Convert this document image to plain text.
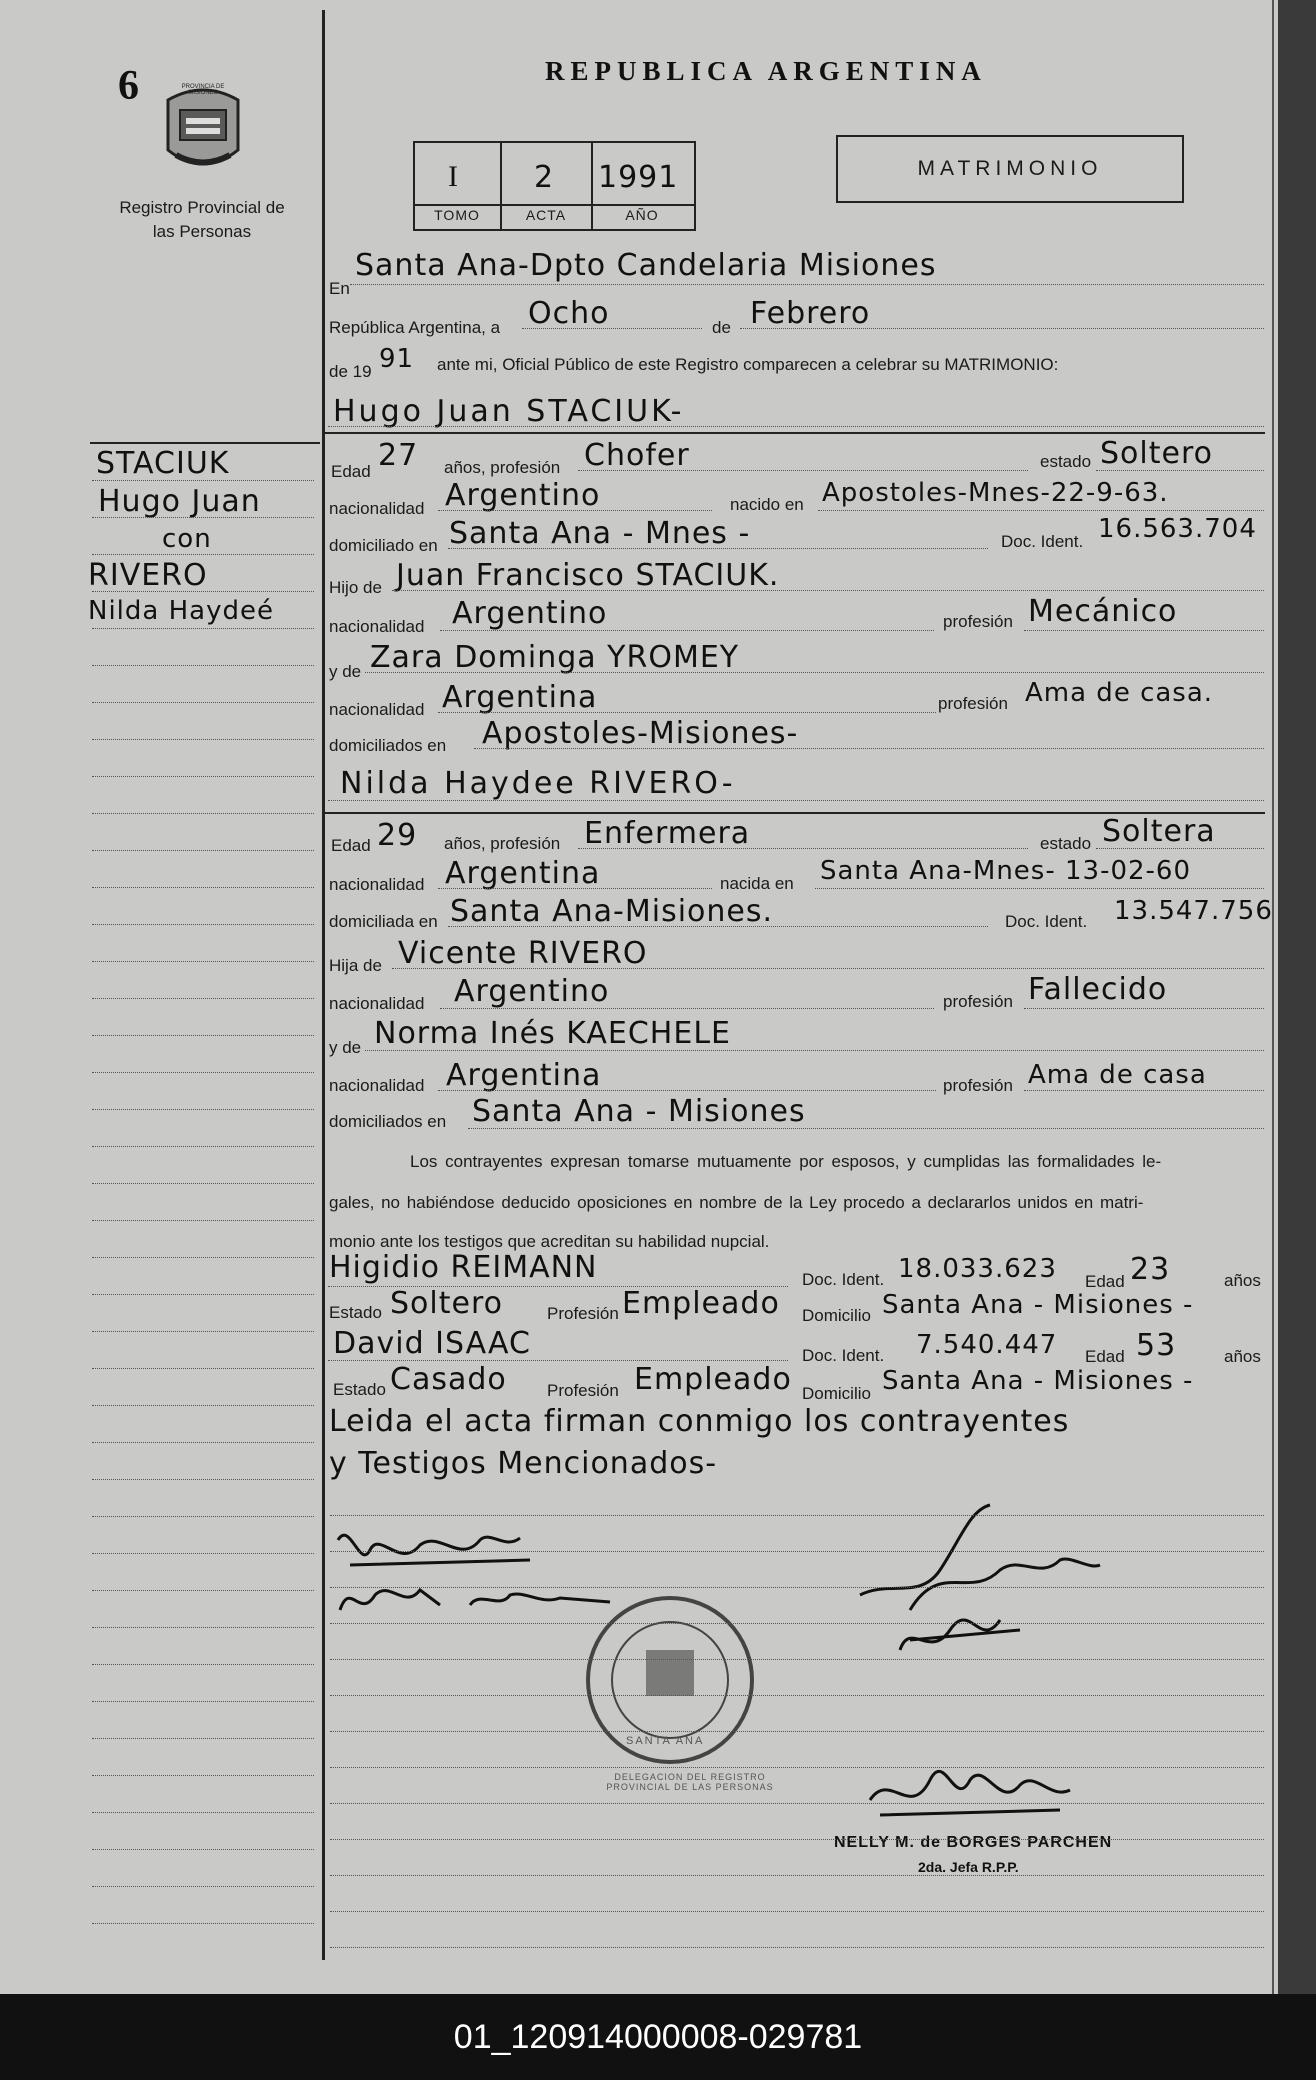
6
Registro Provincial de las Personas
REPUBLICA ARGENTINA
I	2 1991
TOMO	ACTA	AÑO
MATRIMONIO
En
Santa Ana-Dpto Candelaria Misiones
República Argentina, a Ocho	de Febrero
de 19 91 ante mi, Oficial Público de este Registro comparecen a celebrar su MATRIMONIO:
Hugo Juan STACIUK-
Edad 27 años, profesión Chofer	estado Soltero
nacionalidad Argentino	nacido en Apostoles-Mnes-22-9-63.
domiciliado en Santa Ana - Mnes -	Doc. Ident. 16.563.704
Hijo de Juan Francisco STACIUK.
nacionalidad Argentino	profesión Mecánico
y de Zara Dominga YROMEY
nacionalidad Argentina	profesión Ama de casa.
domiciliados en Apostoles-Misiones-
Nilda Haydee RIVERO-
Edad 29 años, profesión Enfermera	estado Soltera
nacionalidad Argentina	nacida en Santa Ana-Mnes- 13-02-60
domiciliada en Santa Ana-Misiones.	Doc. Ident. 13.547.756
Hija de Vicente RIVERO
nacionalidad Argentino	profesión Fallecido
y de Norma Inés KAECHELE
nacionalidad Argentina	profesión Ama de casa
domiciliados en Santa Ana - Misiones
Los contrayentes expresan tomarse mutuamente por esposos, y cumplidas las formalidades le-
gales, no habiéndose deducido oposiciones en nombre de la Ley procedo a declararlos unidos en matri-
monio ante los testigos que acreditan su habilidad nupcial.
Higidio REIMANN	Doc. Ident. 18.033.623 Edad 23	años
Estado Soltero	Profesión Empleado Domicilio Santa Ana - Misiones -
David ISAAC	Doc. Ident. 7.540.447 Edad 53	años
Estado Casado Profesión Empleado Domicilio Santa Ana - Misiones -
Leida el acta firman conmigo los contrayentes
y Testigos Mencionados-
STACIUK
Hugo Juan
con
RIVERO
Nilda Haydeé
DELEGACION DEL REGISTRO PROVINCIAL DE LAS PERSONAS
SANTA ANA
NELLY M. de BORGES PARCHEN
2da. Jefa R.P.P.
PROVINCIA DE MISIONES
01_120914000008-029781
